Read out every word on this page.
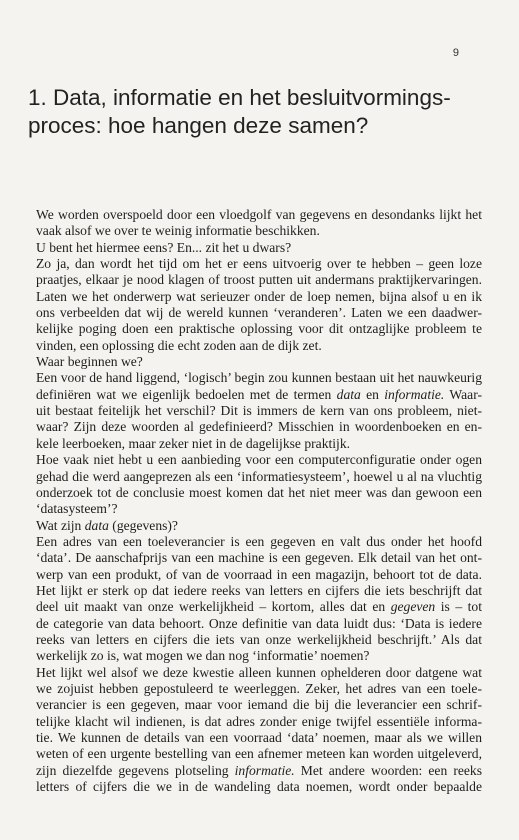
9
1. Data, informatie en het besluitvormings-
proces: hoe hangen deze samen?
We worden overspoeld door een vloedgolf van gegevens en desondanks lijkt het
vaak alsof we over te weinig informatie beschikken.
U bent het hiermee eens? En... zit het u dwars?
Zo ja, dan wordt het tijd om het er eens uitvoerig over te hebben – geen loze
praatjes, elkaar je nood klagen of troost putten uit andermans praktijkervaringen.
Laten we het onderwerp wat serieuzer onder de loep nemen, bijna alsof u en ik
ons verbeelden dat wij de wereld kunnen ‘veranderen’. Laten we een daadwer-
kelijke poging doen een praktische oplossing voor dit ontzaglijke probleem te
vinden, een oplossing die echt zoden aan de dijk zet.
Waar beginnen we?
Een voor de hand liggend, ‘logisch’ begin zou kunnen bestaan uit het nauwkeurig
definiëren wat we eigenlijk bedoelen met de termen data en informatie. Waar-
uit bestaat feitelijk het verschil? Dit is immers de kern van ons probleem, niet-
waar? Zijn deze woorden al gedefinieerd? Misschien in woordenboeken en en-
kele leerboeken, maar zeker niet in de dagelijkse praktijk.
Hoe vaak niet hebt u een aanbieding voor een computerconfiguratie onder ogen
gehad die werd aangeprezen als een ‘informatiesysteem’, hoewel u al na vluchtig
onderzoek tot de conclusie moest komen dat het niet meer was dan gewoon een
‘datasysteem’?
Wat zijn data (gegevens)?
Een adres van een toeleverancier is een gegeven en valt dus onder het hoofd
‘data’. De aanschafprijs van een machine is een gegeven. Elk detail van het ont-
werp van een produkt, of van de voorraad in een magazijn, behoort tot de data.
Het lijkt er sterk op dat iedere reeks van letters en cijfers die iets beschrijft dat
deel uit maakt van onze werkelijkheid – kortom, alles dat en gegeven is – tot
de categorie van data behoort. Onze definitie van data luidt dus: ‘Data is iedere
reeks van letters en cijfers die iets van onze werkelijkheid beschrijft.’ Als dat
werkelijk zo is, wat mogen we dan nog ‘informatie’ noemen?
Het lijkt wel alsof we deze kwestie alleen kunnen ophelderen door datgene wat
we zojuist hebben gepostuleerd te weerleggen. Zeker, het adres van een toele-
verancier is een gegeven, maar voor iemand die bij die leverancier een schrif-
telijke klacht wil indienen, is dat adres zonder enige twijfel essentiële informa-
tie. We kunnen de details van een voorraad ‘data’ noemen, maar als we willen
weten of een urgente bestelling van een afnemer meteen kan worden uitgeleverd,
zijn diezelfde gegevens plotseling informatie. Met andere woorden: een reeks
letters of cijfers die we in de wandeling data noemen, wordt onder bepaalde
